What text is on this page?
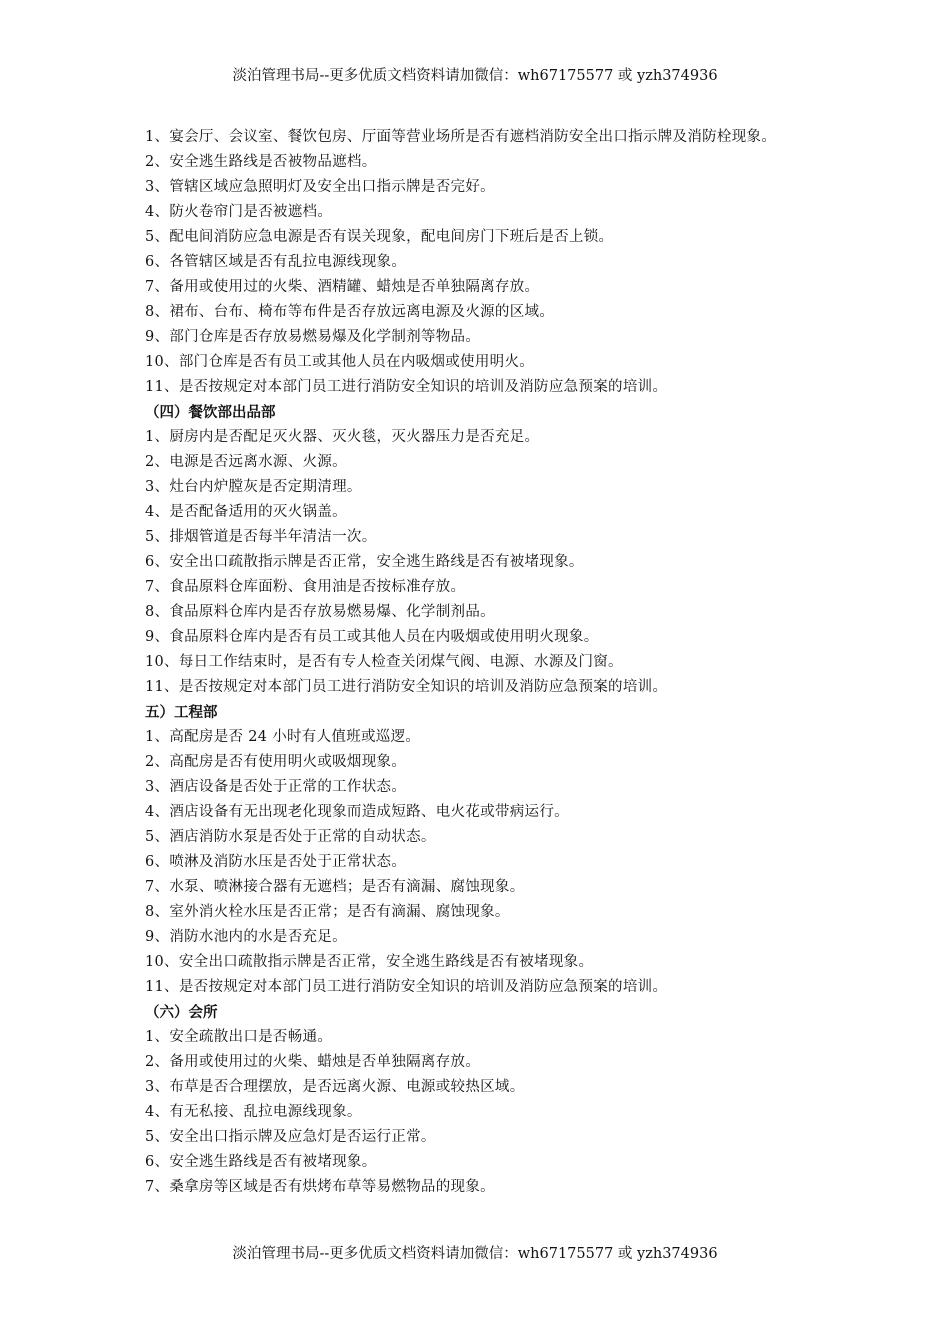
淡泊管理书局--更多优质文档资料请加微信：wh67175577 或 yzh374936
1、宴会厅、会议室、餐饮包房、厅面等营业场所是否有遮档消防安全出口指示牌及消防栓现象。
2、安全逃生路线是否被物品遮档。
3、管辖区域应急照明灯及安全出口指示牌是否完好。
4、防火卷帘门是否被遮档。
5、配电间消防应急电源是否有误关现象，配电间房门下班后是否上锁。
6、各管辖区域是否有乱拉电源线现象。
7、备用或使用过的火柴、酒精罐、蜡烛是否单独隔离存放。
8、裙布、台布、椅布等布件是否存放远离电源及火源的区域。
9、部门仓库是否存放易燃易爆及化学制剂等物品。
10、部门仓库是否有员工或其他人员在内吸烟或使用明火。
11、是否按规定对本部门员工进行消防安全知识的培训及消防应急预案的培训。
（四）餐饮部出品部
1、厨房内是否配足灭火器、灭火毯，灭火器压力是否充足。
2、电源是否远离水源、火源。
3、灶台内炉膛灰是否定期清理。
4、是否配备适用的灭火锅盖。
5、排烟管道是否每半年清洁一次。
6、安全出口疏散指示牌是否正常，安全逃生路线是否有被堵现象。
7、食品原料仓库面粉、食用油是否按标准存放。
8、食品原料仓库内是否存放易燃易爆、化学制剂品。
9、食品原料仓库内是否有员工或其他人员在内吸烟或使用明火现象。
10、每日工作结束时，是否有专人检查关闭煤气阀、电源、水源及门窗。
11、是否按规定对本部门员工进行消防安全知识的培训及消防应急预案的培训。
五）工程部
1、高配房是否 24 小时有人值班或巡逻。
2、高配房是否有使用明火或吸烟现象。
3、酒店设备是否处于正常的工作状态。
4、酒店设备有无出现老化现象而造成短路、电火花或带病运行。
5、酒店消防水泵是否处于正常的自动状态。
6、喷淋及消防水压是否处于正常状态。
7、水泵、喷淋接合器有无遮档；是否有滴漏、腐蚀现象。
8、室外消火栓水压是否正常；是否有滴漏、腐蚀现象。
9、消防水池内的水是否充足。
10、安全出口疏散指示牌是否正常，安全逃生路线是否有被堵现象。
11、是否按规定对本部门员工进行消防安全知识的培训及消防应急预案的培训。
（六）会所
1、安全疏散出口是否畅通。
2、备用或使用过的火柴、蜡烛是否单独隔离存放。
3、布草是否合理摆放，是否远离火源、电源或较热区域。
4、有无私接、乱拉电源线现象。
5、安全出口指示牌及应急灯是否运行正常。
6、安全逃生路线是否有被堵现象。
7、桑拿房等区域是否有烘烤布草等易燃物品的现象。
淡泊管理书局--更多优质文档资料请加微信：wh67175577 或 yzh374936
